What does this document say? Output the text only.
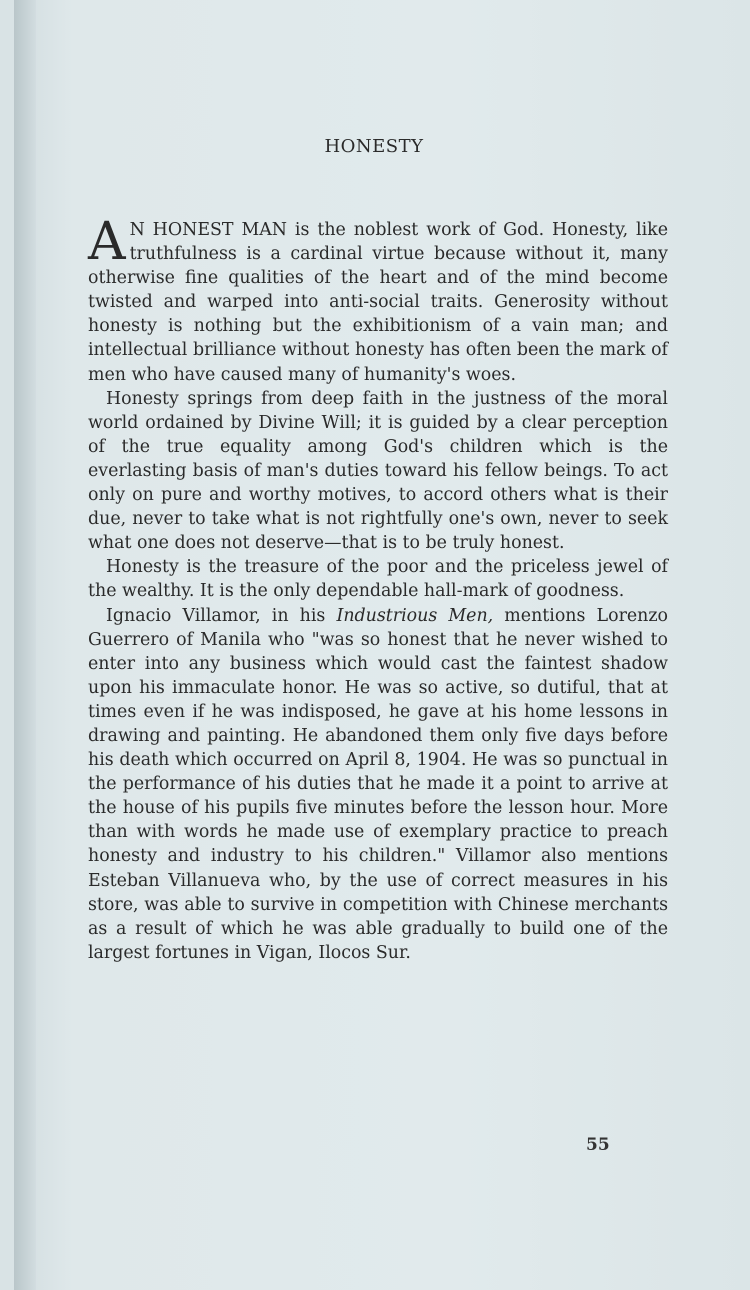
HONESTY

A N HONEST MAN is the noblest work of God. Honesty, like truthfulness is a cardinal virtue because without it, many otherwise fine qualities of the heart and of the mind become twisted and warped into anti-social traits. Generosity without honesty is nothing but the exhibitionism of a vain man; and intellectual brilliance without honesty has often been the mark of men who have caused many of humanity's woes.

Honesty springs from deep faith in the justness of the moral world ordained by Divine Will; it is guided by a clear perception of the true equality among God's children which is the everlasting basis of man's duties toward his fellow beings. To act only on pure and worthy motives, to accord others what is their due, never to take what is not rightfully one's own, never to seek what one does not deserve—that is to be truly honest.

Honesty is the treasure of the poor and the priceless jewel of the wealthy. It is the only dependable hall-mark of goodness.

Ignacio Villamor, in his Industrious Men, mentions Lorenzo Guerrero of Manila who "was so honest that he never wished to enter into any business which would cast the faintest shadow upon his immaculate honor. He was so active, so dutiful, that at times even if he was indisposed, he gave at his home lessons in drawing and painting. He abandoned them only five days before his death which occurred on April 8, 1904. He was so punctual in the performance of his duties that he made it a point to arrive at the house of his pupils five minutes before the lesson hour. More than with words he made use of exemplary practice to preach honesty and industry to his children." Villamor also mentions Esteban Villanueva who, by the use of correct measures in his store, was able to survive in competition with Chinese merchants as a result of which he was able gradually to build one of the largest fortunes in Vigan, Ilocos Sur.

55
